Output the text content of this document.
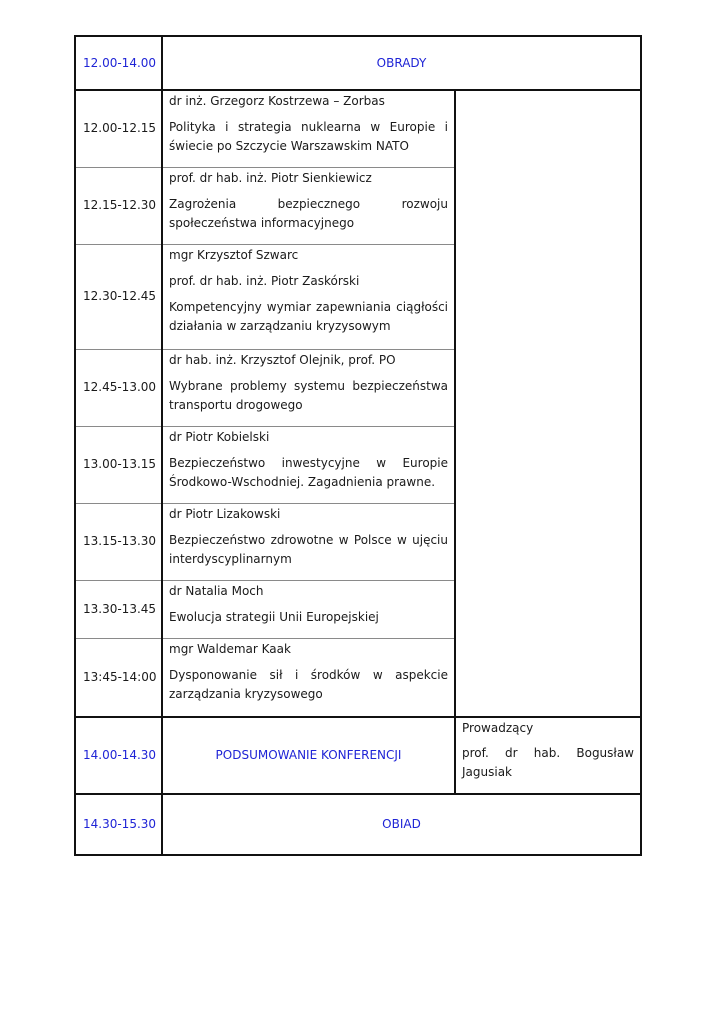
12.00-14.00	OBRADY	
12.00-12.15	dr inż. Grzegorz Kostrzewa – Zorbas

Polityka i strategia nuklearna w Europie i świecie po Szczycie Warszawskim NATO	

12.15-12.30	prof. dr hab. inż. Piotr Sienkiewicz

Zagrożenia bezpiecznego rozwoju społeczeństwa informacyjnego	

12.30-12.45	mgr Krzysztof Szwarc

prof. dr hab. inż. Piotr Zaskórski

Kompetencyjny wymiar zapewniania ciągłości działania w zarządzaniu kryzysowym	

12.45-13.00	dr hab. inż. Krzysztof Olejnik, prof. PO

Wybrane problemy systemu bezpieczeństwa transportu drogowego	

13.00-13.15	dr Piotr Kobielski

Bezpieczeństwo inwestycyjne w Europie Środkowo-Wschodniej. Zagadnienia prawne.	

13.15-13.30	dr Piotr Lizakowski

Bezpieczeństwo zdrowotne w Polsce w ujęciu interdyscyplinarnym	

13.30-13.45	dr Natalia Moch

Ewolucja strategii Unii Europejskiej	

13:45-14:00	mgr Waldemar Kaak

Dysponowanie sił i środków w aspekcie zarządzania kryzysowego	

14.00-14.30	PODSUMOWANIE KONFERENCJI	Prowadzący

prof. dr hab. Bogusław Jagusiak

14.30-15.30	OBIAD	
